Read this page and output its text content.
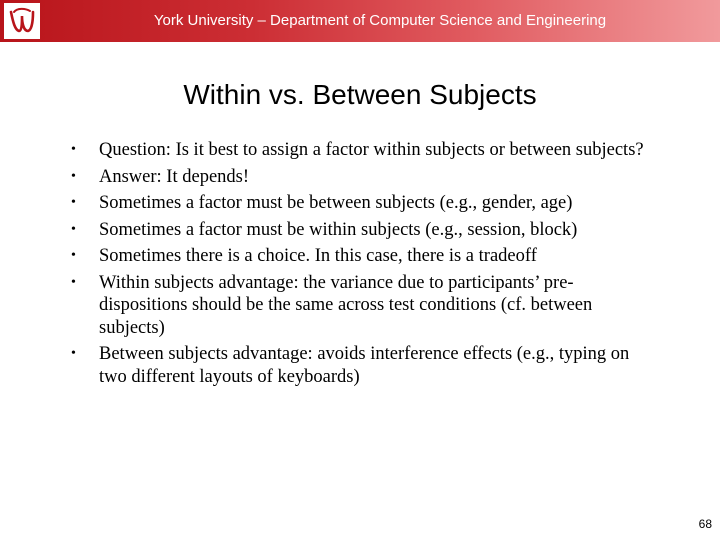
York University – Department of Computer Science and Engineering
Within vs. Between Subjects
• Question: Is it best to assign a factor within subjects or between subjects?
• Answer: It depends!
• Sometimes a factor must be between subjects (e.g., gender, age)
• Sometimes a factor must be within subjects (e.g., session, block)
• Sometimes there is a choice. In this case, there is a tradeoff
• Within subjects advantage: the variance due to participants’ pre-dispositions should be the same across test conditions (cf. between subjects)
• Between subjects advantage: avoids interference effects (e.g., typing on two different layouts of keyboards)
68
